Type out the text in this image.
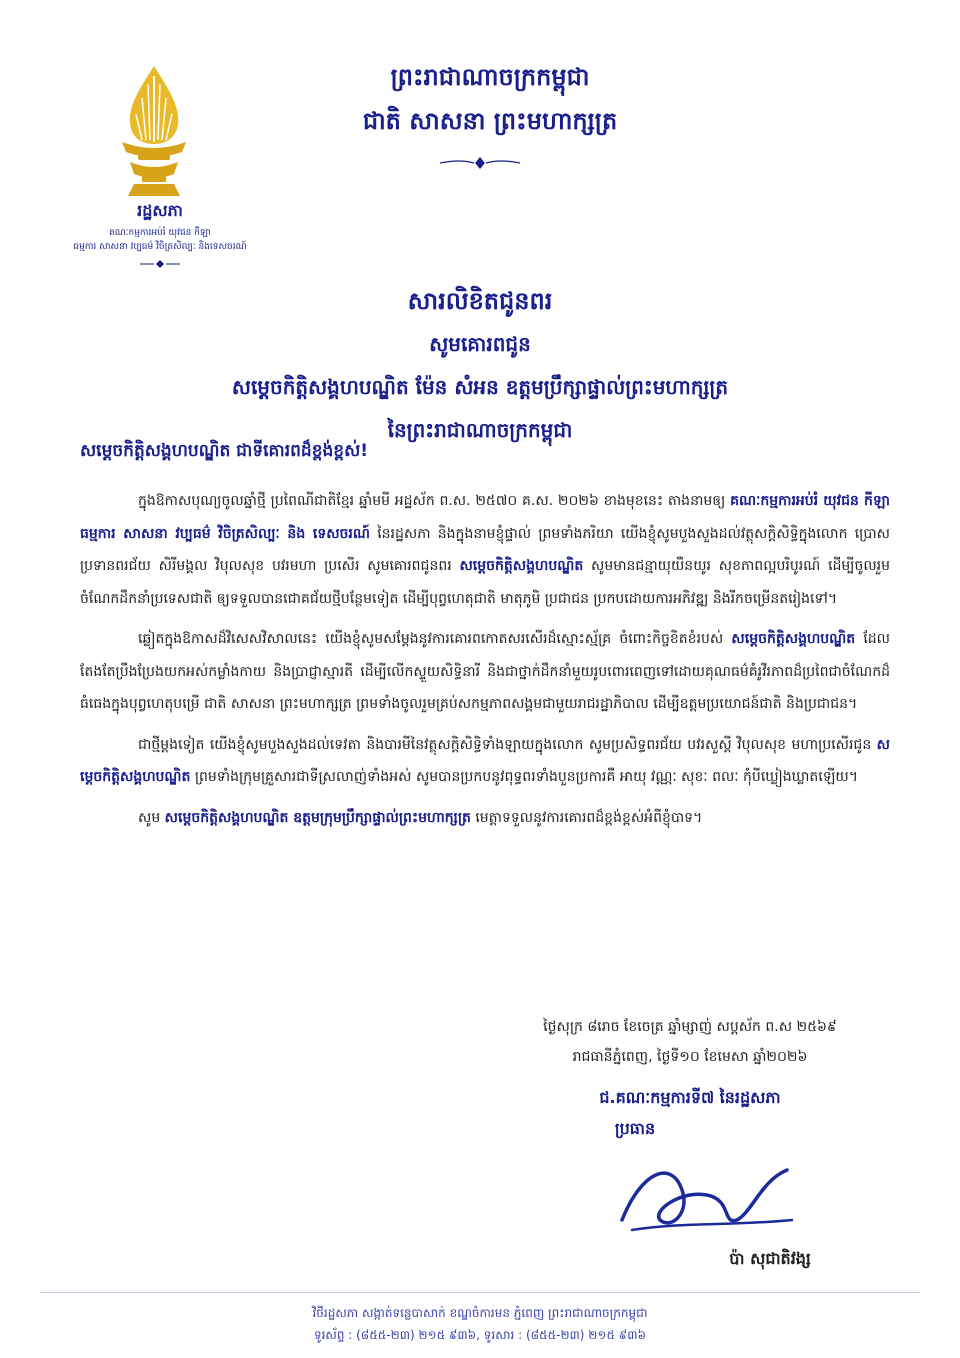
រដ្ឋសភា
គណៈកម្មការអប់រំ យុវជន កីឡា
ធម្មការ សាសនា វប្បធម៌ វិចិត្រសិល្បៈ និងទេសចរណ៍
ព្រះរាជាណាចក្រកម្ពុជា
ជាតិ សាសនា ព្រះមហាក្សត្រ
សារលិខិតជូនពរ
សូមគោរពជូន
សម្តេចកិត្តិសង្គហបណ្ឌិត ម៉ែន សំអន ឧត្តមប្រឹក្សាផ្ទាល់ព្រះមហាក្សត្រ
នៃព្រះរាជាណាចក្រកម្ពុជា
សម្តេចកិត្តិសង្គហបណ្ឌិត ជាទីគោរពដ៏ខ្ពង់ខ្ពស់!

ក្នុងឱកាសបុណ្យចូលឆ្នាំថ្មី ប្រពៃណីជាតិខ្មែរ ឆ្នាំមមី អដ្ឋស័ក ព.ស. ២៥៧០ គ.ស. ២០២៦ ខាងមុខនេះ តាងនាមឲ្យ គណៈកម្មការអប់រំ យុវជន កីឡា ធម្មការ សាសនា វប្បធម៌ វិចិត្រសិល្បៈ និង ទេសចរណ៍ នៃរដ្ឋសភា និងក្នុងនាមខ្ញុំផ្ទាល់ ព្រមទាំងភរិយា យើងខ្ញុំសូមបួងសួងដល់វត្ថុសក្តិសិទ្ធិក្នុងលោក ប្រោសប្រទានពរជ័យ សិរីមង្គល វិបុលសុខ បវរមហា ប្រសើរ សូមគោរពជូនពរ សម្តេចកិត្តិសង្គហបណ្ឌិត សូមមានជន្មាយុយឺនយូរ សុខភាពល្អបរិបូរណ៍ ដើម្បីចូលរួមចំណែកដឹកនាំប្រទេសជាតិ ឲ្យទទួលបានជោគជ័យថ្មីបន្ថែមទៀត ដើម្បីបុព្វហេតុជាតិ មាតុភូមិ ប្រជាជន ប្រកបដោយការអភិវឌ្ឍ និងរីកចម្រើនតរៀងទៅ។

ឆ្លៀតក្នុងឱកាសដ៏វិសេសវិសាលនេះ យើងខ្ញុំសូមសម្តែងនូវការគោរពកោតសរសើរដ៏ស្មោះស្ម័គ្រ ចំពោះកិច្ចខិតខំរបស់ សម្តេចកិត្តិសង្គហបណ្ឌិត ដែលតែងតែប្រឹងប្រែងយកអស់កម្លាំងកាយ និងប្រាជ្ញាស្មារតី ដើម្បីលើកស្ទួយសិទ្ធិនារី និងជាថ្នាក់ដឹកនាំមួយរូបពោរពេញទៅដោយគុណធម៌គំរូវីរភាពដ៏ប្រពៃជាចំណែកដ៏ធំធេងក្នុងបុព្វហេតុបម្រើ ជាតិ សាសនា ព្រះមហាក្សត្រ ព្រមទាំងចូលរួមគ្រប់សកម្មភាពសង្គមជាមួយរាជរដ្ឋាភិបាល ដើម្បីឧត្តមប្រយោជន៍ជាតិ និងប្រជាជន។

ជាថ្មីម្តងទៀត យើងខ្ញុំសូមបួងសួងដល់ទេវតា និងបារមីនៃវត្ថុសក្តិសិទ្ធិទាំងឡាយក្នុងលោក សូមប្រសិទ្ធពរជ័យ បវរសួស្តី វិបុលសុខ មហាប្រសើរជូន សម្តេចកិត្តិសង្គហបណ្ឌិត ព្រមទាំងក្រុមគ្រួសារជាទីស្រលាញ់ទាំងអស់ សូមបានប្រកបនូវពុទ្ធពរទាំងបួនប្រការគឺ អាយុ វណ្ណៈ សុខៈ ពលៈ កុំបីឃ្លៀងឃ្លាតឡើយ។

សូម សម្តេចកិត្តិសង្គហបណ្ឌិត ឧត្តមក្រុមប្រឹក្សាផ្ទាល់ព្រះមហាក្សត្រ មេត្តាទទួលនូវការគោរពដ៏ខ្ពង់ខ្ពស់អំពីខ្ញុំបាទ។

ថ្ងៃសុក្រ ៨រោច ខែចេត្រ ឆ្នាំម្សាញ់ សប្តស័ក ព.ស ២៥៦៩
រាជធានីភ្នំពេញ, ថ្ងៃទី១០ ខែមេសា ឆ្នាំ២០២៦
ជ.គណៈកម្មការទី៧ នៃរដ្ឋសភា
ប្រធាន
ប៉ា សុជាតិវង្ស
វិថីរដ្ឋសភា សង្កាត់ទន្លេបាសាក់ ខណ្ឌចំការមន ភ្នំពេញ ព្រះរាជាណាចក្រកម្ពុជា
ទូរស័ព្ទ : (៨៥៥-២៣) ២១៥ ៩៣៦, ទូរសារ : (៨៥៥-២៣) ២១៥ ៩៣៦
